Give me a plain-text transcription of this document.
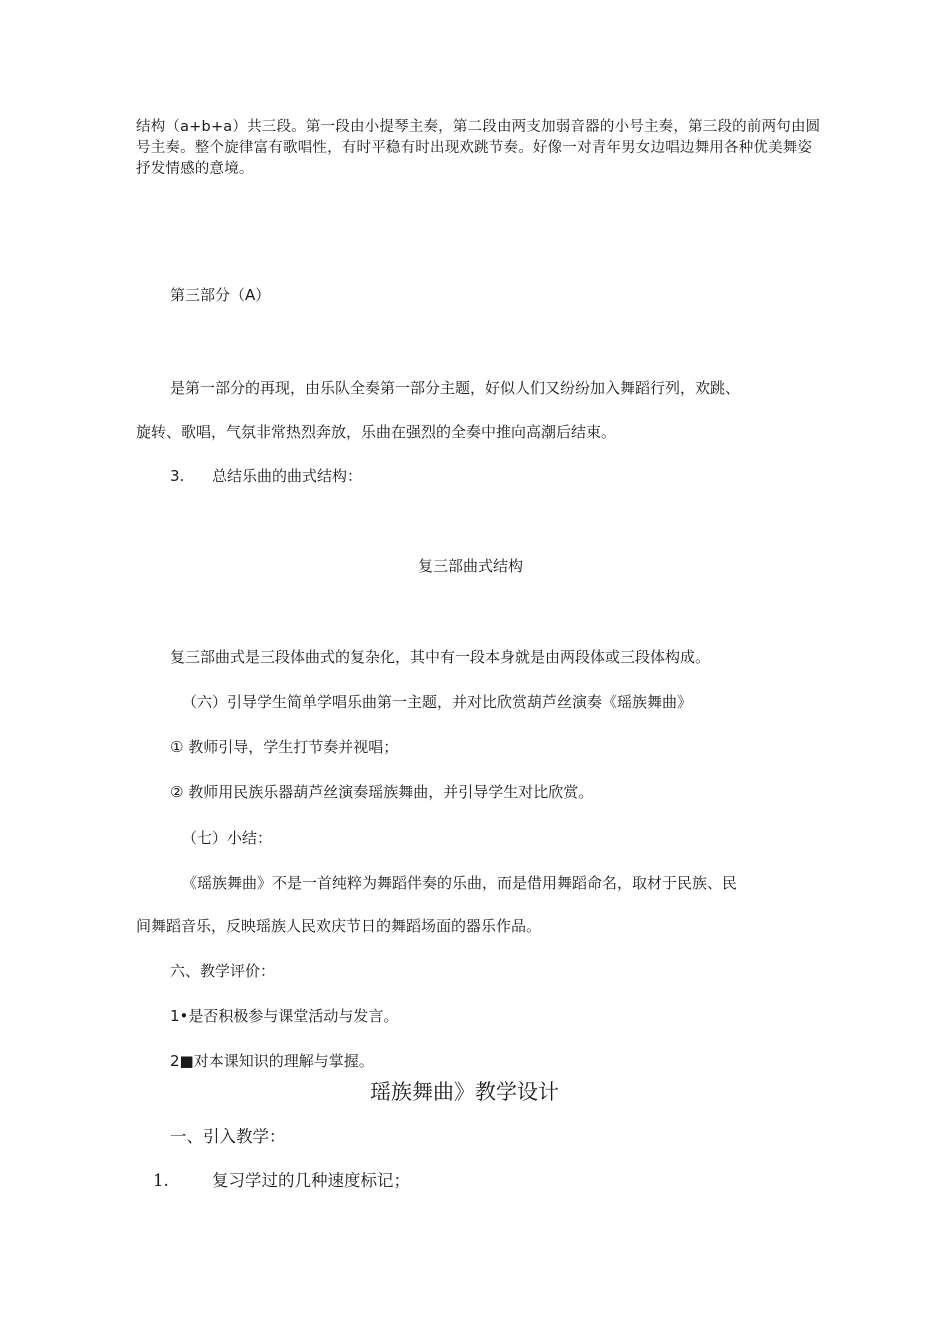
结构（a+b+a）共三段。第一段由小提琴主奏，第二段由两支加弱音器的小号主奏，第三段的前两句由圆号主奏。整个旋律富有歌唱性，有时平稳有时出现欢跳节奏。好像一对青年男女边唱边舞用各种优美舞姿抒发情感的意境。
第三部分（A）
是第一部分的再现，由乐队全奏第一部分主题，好似人们又纷纷加入舞蹈行列，欢跳、
旋转、歌唱，气氛非常热烈奔放，乐曲在强烈的全奏中推向高潮后结束。
3. 总结乐曲的曲式结构：
复三部曲式结构
复三部曲式是三段体曲式的复杂化，其中有一段本身就是由两段体或三段体构成。
（六）引导学生简单学唱乐曲第一主题，并对比欣赏葫芦丝演奏《瑶族舞曲》
① 教师引导，学生打节奏并视唱；
② 教师用民族乐器葫芦丝演奏瑶族舞曲，并引导学生对比欣赏。
（七）小结：
《瑶族舞曲》不是一首纯粹为舞蹈伴奏的乐曲，而是借用舞蹈命名，取材于民族、民
间舞蹈音乐，反映瑶族人民欢庆节日的舞蹈场面的器乐作品。
六、教学评价：
1•是否积极参与课堂活动与发言。
2■对本课知识的理解与掌握。
瑶族舞曲》教学设计
一、引入教学：
1.	复习学过的几种速度标记；
